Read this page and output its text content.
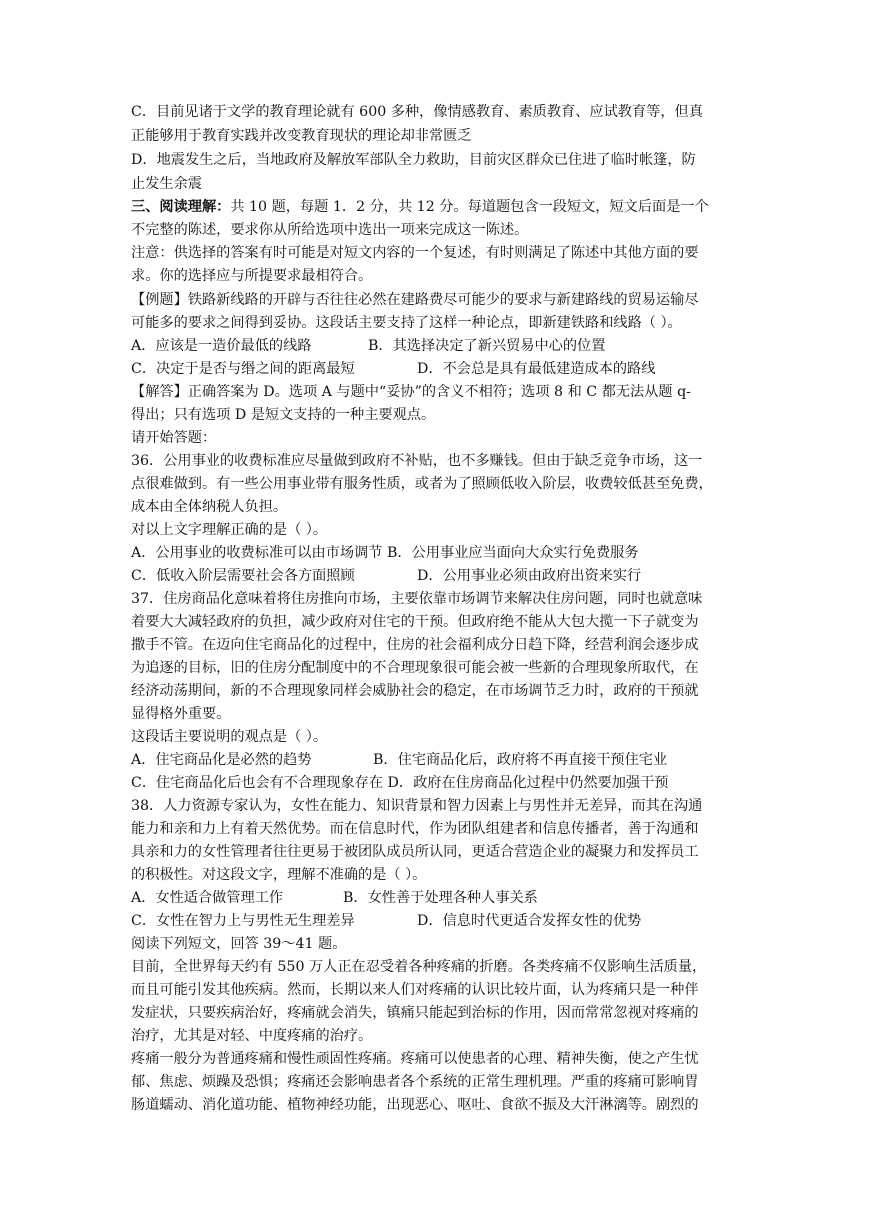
C．目前见诸于文学的教育理论就有 600 多种，像情感教育、素质教育、应试教育等，但真
正能够用于教育实践并改变教育现状的理论却非常匮乏
D．地震发生之后，当地政府及解放军部队全力救助，目前灾区群众已住进了临时帐篷，防
止发生余震
三、阅读理解：共 10 题，每题 1．2 分，共 12 分。每道题包含一段短文，短文后面是一个
不完整的陈述，要求你从所给选项中选出一项来完成这一陈述。
注意：供选择的答案有时可能是对短文内容的一个复述，有时则满足了陈述中其他方面的要
求。你的选择应与所提要求最相符合。
【例题】铁路新线路的开辟与否往往必然在建路费尽可能少的要求与新建路线的贸易运输尽
可能多的要求之间得到妥协。这段话主要支持了这样一种论点，即新建铁路和线路（ ）。
A．应该是一造价最低的线路	B．其选择决定了新兴贸易中心的位置
C．决定于是否与缗之间的距离最短	D．不会总是具有最低建造成本的路线
【解答】正确答案为 D。选项 A 与题中“妥协”的含义不相符；选项 8 和 C 都无法从题 q-
得出；只有选项 D 是短文支持的一种主要观点。
请开始答题：
36．公用事业的收费标准应尽量做到政府不补贴，也不多赚钱。但由于缺乏竞争市场，这一
点很难做到。有一些公用事业带有服务性质，或者为了照顾低收入阶层，收费较低甚至免费，
成本由全体纳税人负担。
对以上文字理解正确的是（ ）。
A．公用事业的收费标准可以由市场调节 B．公用事业应当面向大众实行免费服务
C．低收入阶层需要社会各方面照顾	D．公用事业必须由政府出资来实行
37．住房商品化意味着将住房推向市场，主要依靠市场调节来解决住房问题，同时也就意味
着要大大减轻政府的负担，减少政府对住宅的干预。但政府绝不能从大包大揽一下子就变为
撒手不管。在迈向住宅商品化的过程中，住房的社会福利成分日趋下降，经营利润会逐步成
为追逐的目标，旧的住房分配制度中的不合理现象很可能会被一些新的合理现象所取代，在
经济动荡期间，新的不合理现象同样会威胁社会的稳定，在市场调节乏力时，政府的干预就
显得格外重要。
这段话主要说明的观点是（ ）。
A．住宅商品化是必然的趋势	B．住宅商品化后，政府将不再直接干预住宅业
C．住宅商品化后也会有不合理现象存在 D．政府在住房商品化过程中仍然要加强干预
38．人力资源专家认为，女性在能力、知识背景和智力因素上与男性并无差异，而其在沟通
能力和亲和力上有着天然优势。而在信息时代，作为团队组建者和信息传播者，善于沟通和
具亲和力的女性管理者往往更易于被团队成员所认同，更适合营造企业的凝聚力和发挥员工
的积极性。对这段文字，理解不准确的是（ ）。
A．女性适合做管理工作	B．女性善于处理各种人事关系
C．女性在智力上与男性无生理差异	D．信息时代更适合发挥女性的优势
阅读下列短文，回答 39～41 题。
目前，全世界每天约有 550 万人正在忍受着各种疼痛的折磨。各类疼痛不仅影响生活质量，
而且可能引发其他疾病。然而，长期以来人们对疼痛的认识比较片面，认为疼痛只是一种伴
发症状，只要疾病治好，疼痛就会消失，镇痛只能起到治标的作用，因而常常忽视对疼痛的
治疗，尤其是对轻、中度疼痛的治疗。
疼痛一般分为普通疼痛和慢性顽固性疼痛。疼痛可以使患者的心理、精神失衡，使之产生忧
郁、焦虑、烦躁及恐惧；疼痛还会影响患者各个系统的正常生理机理。严重的疼痛可影响胃
肠道蠕动、消化道功能、植物神经功能，出现恶心、呕吐、食欲不振及大汗淋漓等。剧烈的
